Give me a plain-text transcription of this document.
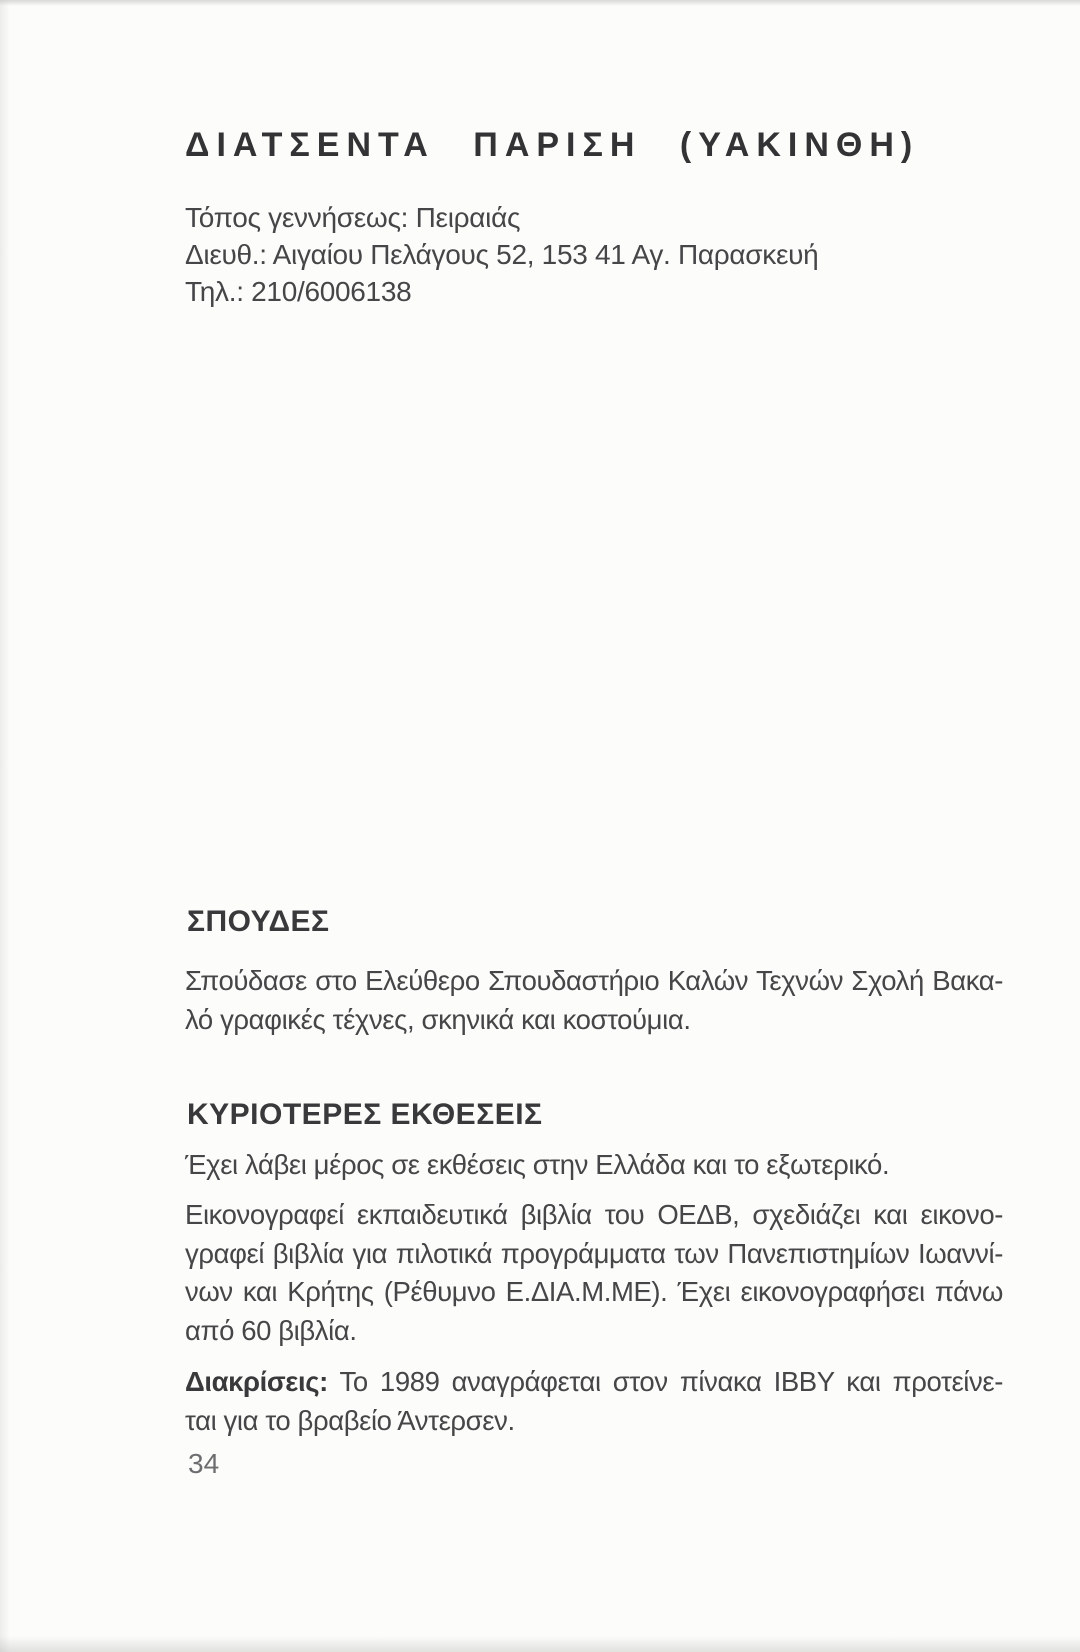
ΔΙΑΤΣΕΝΤΑ ΠΑΡΙΣΗ (ΥΑΚΙΝΘΗ)
Τόπος γεννήσεως: Πειραιάς
Διευθ.: Αιγαίου Πελάγους 52, 153 41 Αγ. Παρασκευή
Τηλ.: 210/6006138
ΣΠΟΥΔΕΣ
Σπούδασε στο Ελεύθερο Σπουδαστήριο Καλών Τεχνών Σχολή Βακα-
λό γραφικές τέχνες, σκηνικά και κοστούμια.
ΚΥΡΙΟΤΕΡΕΣ ΕΚΘΕΣΕΙΣ
Έχει λάβει μέρος σε εκθέσεις στην Ελλάδα και το εξωτερικό.
Εικονογραφεί εκπαιδευτικά βιβλία του ΟΕΔΒ, σχεδιάζει και εικονο-
γραφεί βιβλία για πιλοτικά προγράμματα των Πανεπιστημίων Ιωαννί-
νων και Κρήτης (Ρέθυμνο Ε.ΔΙΑ.Μ.ΜΕ). Έχει εικονογραφήσει πάνω
από 60 βιβλία.
Διακρίσεις: Το 1989 αναγράφεται στον πίνακα IBBY και προτείνε-
ται για το βραβείο Άντερσεν.
34
